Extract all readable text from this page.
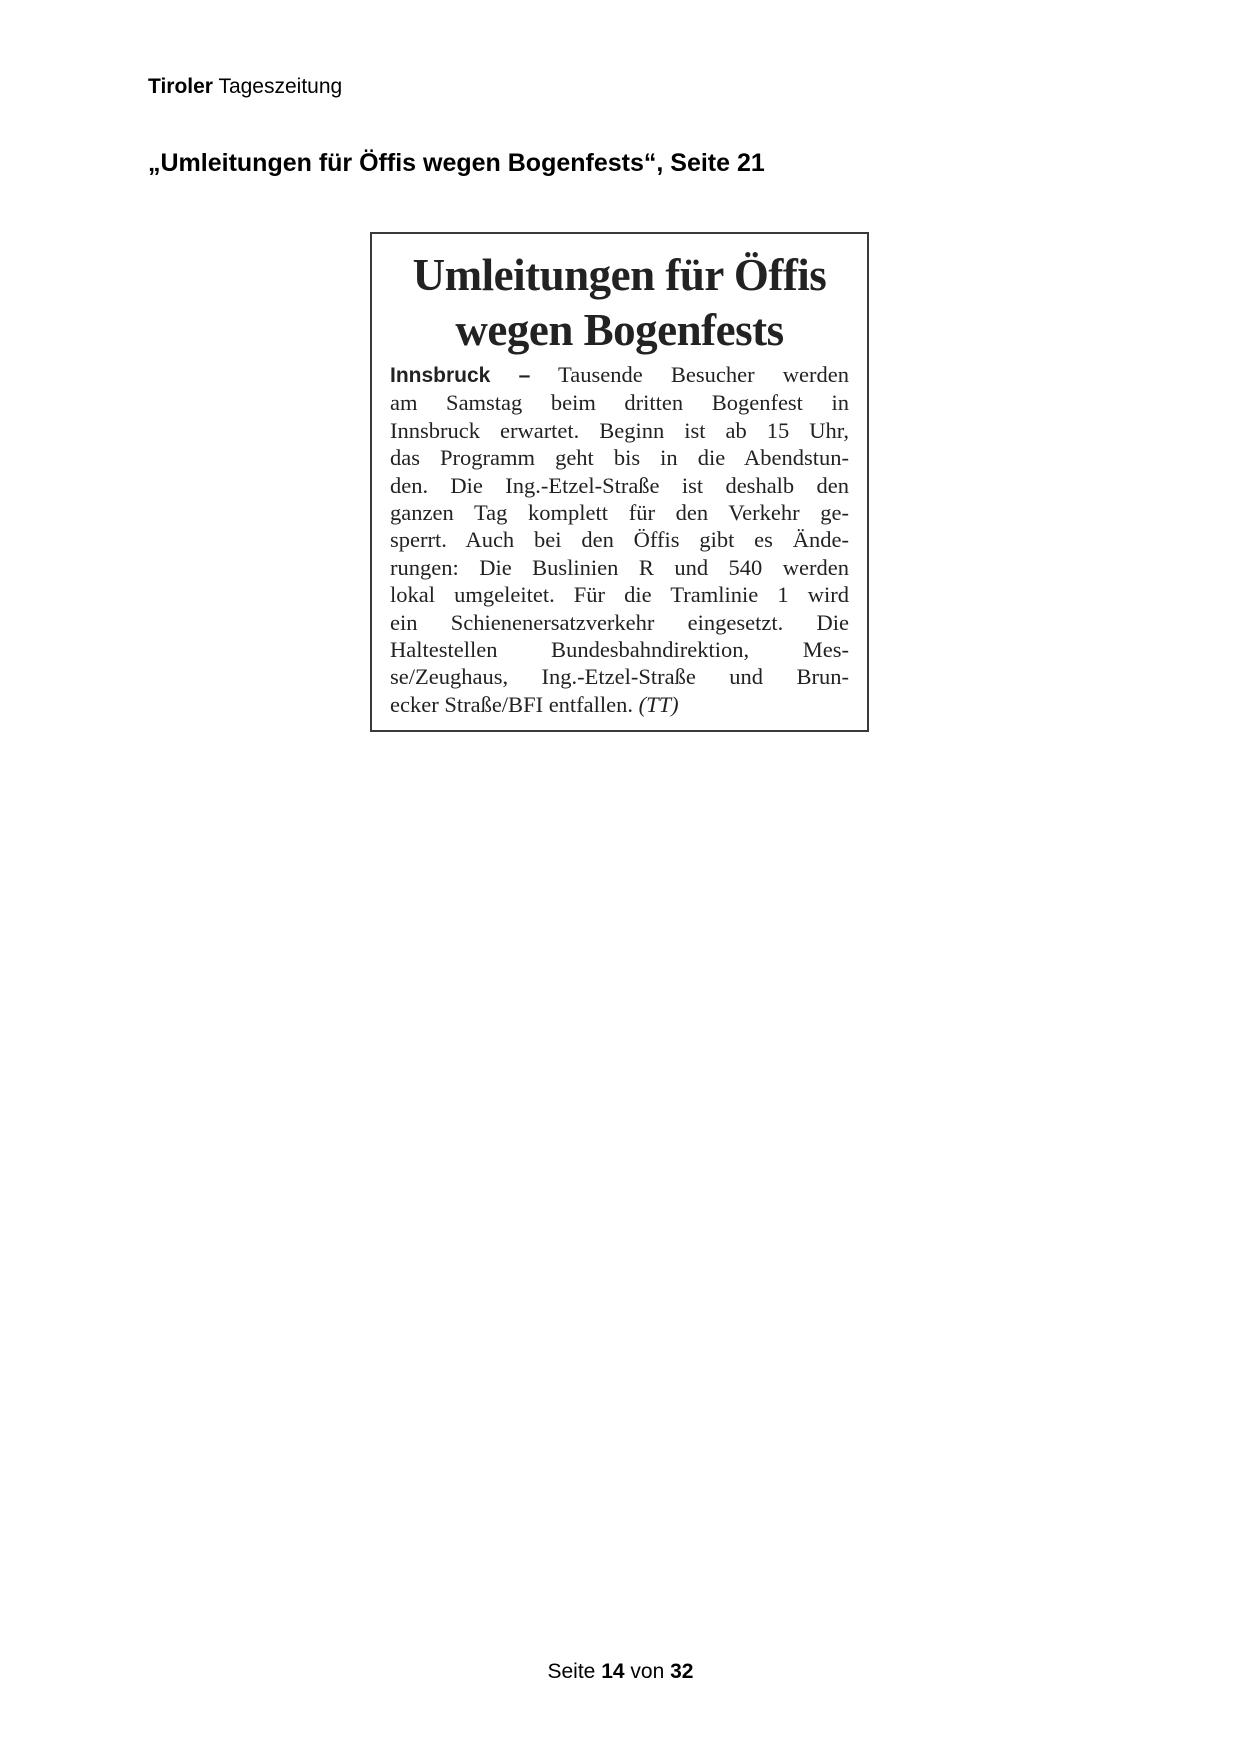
Tiroler Tageszeitung
„Umleitungen für Öffis wegen Bogenfests“, Seite 21
Umleitungen für Öffis
wegen Bogenfests
Innsbruck – Tausende Besucher werden
am Samstag beim dritten Bogenfest in
Innsbruck erwartet. Beginn ist ab 15 Uhr,
das Programm geht bis in die Abendstun-
den. Die Ing.-Etzel-Straße ist deshalb den
ganzen Tag komplett für den Verkehr ge-
sperrt. Auch bei den Öffis gibt es Ände-
rungen: Die Buslinien R und 540 werden
lokal umgeleitet. Für die Tramlinie 1 wird
ein Schienenersatzverkehr eingesetzt. Die
Haltestellen Bundesbahndirektion, Mes-
se/Zeughaus, Ing.-Etzel-Straße und Brun-
ecker Straße/BFI entfallen. (TT)
Seite 14 von 32
